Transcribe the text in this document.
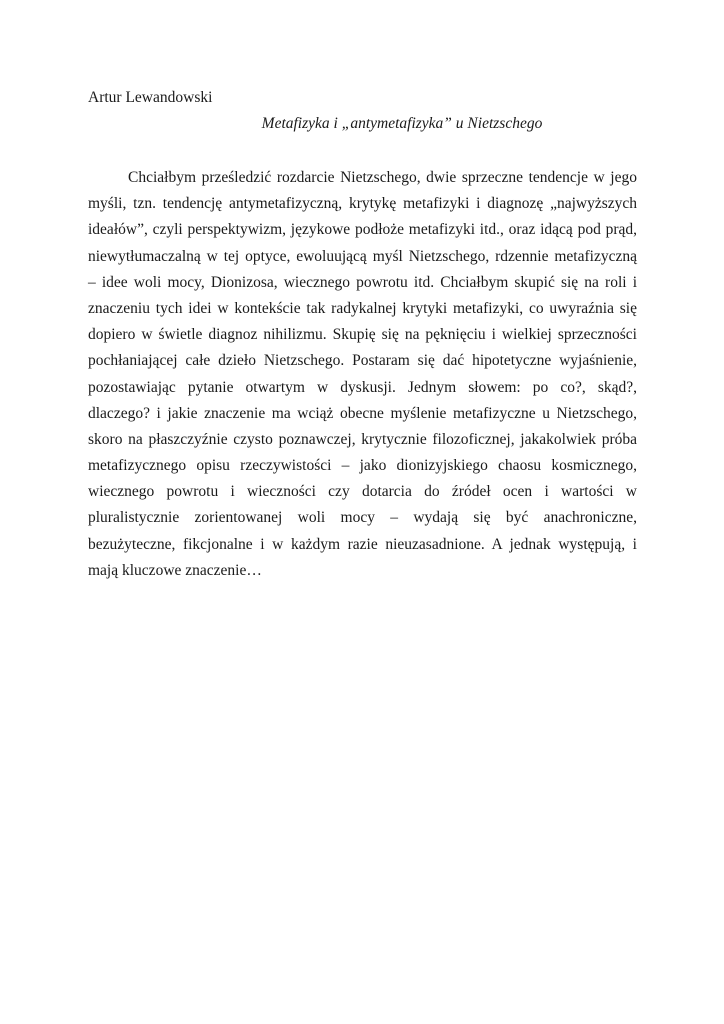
Artur Lewandowski

Metafizyka i „antymetafizyka” u Nietzschego

Chciałbym prześledzić rozdarcie Nietzschego, dwie sprzeczne tendencje w jego
myśli, tzn. tendencję antymetafizyczną, krytykę metafizyki i diagnozę „najwyższych
ideałów”, czyli perspektywizm, językowe podłoże metafizyki itd., oraz idącą pod prąd,
niewytłumaczalną w tej optyce, ewoluującą myśl Nietzschego, rdzennie metafizyczną
– idee woli mocy, Dionizosa, wiecznego powrotu itd. Chciałbym skupić się na roli i
znaczeniu tych idei w kontekście tak radykalnej krytyki metafizyki, co uwyraźnia się
dopiero w świetle diagnoz nihilizmu. Skupię się na pęknięciu i wielkiej sprzeczności
pochłaniającej całe dzieło Nietzschego. Postaram się dać hipotetyczne wyjaśnienie,
pozostawiając pytanie otwartym w dyskusji. Jednym słowem: po co?, skąd?,
dlaczego? i jakie znaczenie ma wciąż obecne myślenie metafizyczne u Nietzschego,
skoro na płaszczyźnie czysto poznawczej, krytycznie filozoficznej, jakakolwiek próba
metafizycznego opisu rzeczywistości – jako dionizyjskiego chaosu kosmicznego,
wiecznego powrotu i wieczności czy dotarcia do źródeł ocen i wartości w
pluralistycznie zorientowanej woli mocy – wydają się być anachroniczne,
bezużyteczne, fikcjonalne i w każdym razie nieuzasadnione. A jednak występują, i
mają kluczowe znaczenie…
